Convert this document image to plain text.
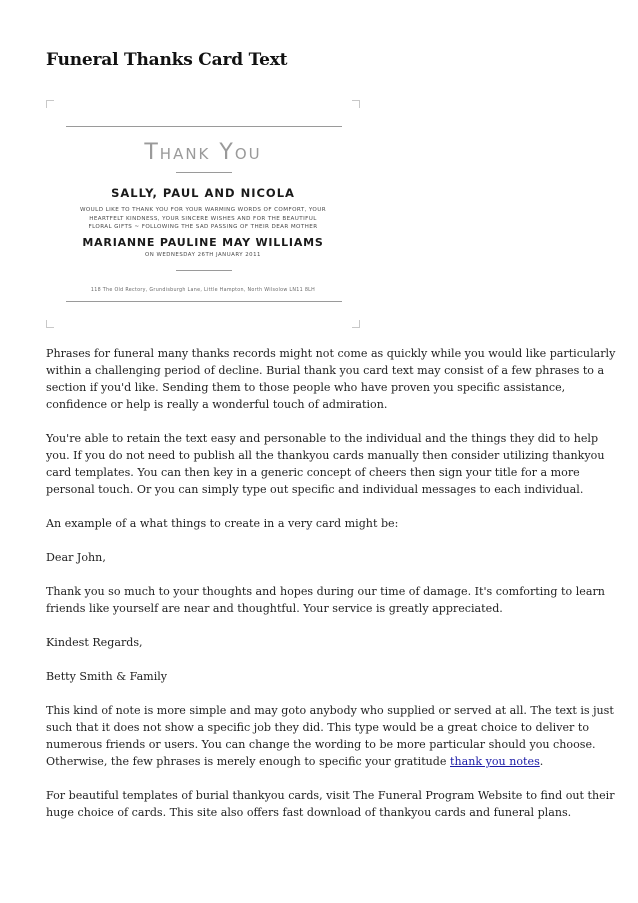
Funeral Thanks Card Text
Thank You
SALLY, PAUL AND NICOLA
WOULD LIKE TO THANK YOU FOR YOUR WARMING WORDS OF COMFORT, YOUR
HEARTFELT KINDNESS, YOUR SINCERE WISHES AND FOR THE BEAUTIFUL
FLORAL GIFTS ~ FOLLOWING THE SAD PASSING OF THEIR DEAR MOTHER
MARIANNE PAULINE MAY WILLIAMS
ON WEDNESDAY 26TH JANUARY 2011
118 The Old Rectory, Grundisburgh Lane, Little Hampton, North Wilsolow LN11 8LH

Phrases for funeral many thanks records might not come as quickly while you would like particularly
within a challenging period of decline. Burial thank you card text may consist of a few phrases to a
section if you'd like. Sending them to those people who have proven you specific assistance,
confidence or help is really a wonderful touch of admiration.

You're able to retain the text easy and personable to the individual and the things they did to help
you. If you do not need to publish all the thankyou cards manually then consider utilizing thankyou
card templates. You can then key in a generic concept of cheers then sign your title for a more
personal touch. Or you can simply type out specific and individual messages to each individual.

An example of a what things to create in a very card might be:

Dear John,

Thank you so much to your thoughts and hopes during our time of damage. It's comforting to learn
friends like yourself are near and thoughtful. Your service is greatly appreciated.

Kindest Regards,

Betty Smith & Family

This kind of note is more simple and may goto anybody who supplied or served at all. The text is just
such that it does not show a specific job they did. This type would be a great choice to deliver to
numerous friends or users. You can change the wording to be more particular should you choose.
Otherwise, the few phrases is merely enough to specific your gratitude thank you notes.

For beautiful templates of burial thankyou cards, visit The Funeral Program Website to find out their
huge choice of cards. This site also offers fast download of thankyou cards and funeral plans.
